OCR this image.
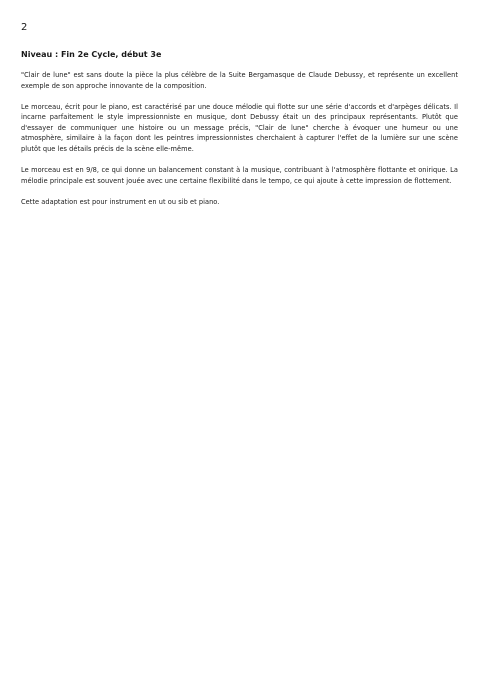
2
Niveau : Fin 2e Cycle, début 3e

"Clair de lune" est sans doute la pièce la plus célèbre de la Suite Bergamasque de Claude Debussy, et représente un excellent exemple de son approche innovante de la composition.

Le morceau, écrit pour le piano, est caractérisé par une douce mélodie qui flotte sur une série d'accords et d'arpèges délicats. Il incarne parfaitement le style impressionniste en musique, dont Debussy était un des principaux représentants. Plutôt que d'essayer de communiquer une histoire ou un message précis, "Clair de lune" cherche à évoquer une humeur ou une atmosphère, similaire à la façon dont les peintres impressionnistes cherchaient à capturer l'effet de la lumière sur une scène plutôt que les détails précis de la scène elle-même.

Le morceau est en 9/8, ce qui donne un balancement constant à la musique, contribuant à l'atmosphère flottante et onirique. La mélodie principale est souvent jouée avec une certaine flexibilité dans le tempo, ce qui ajoute à cette impression de flottement.

Cette adaptation est pour instrument en ut ou sib et piano.
